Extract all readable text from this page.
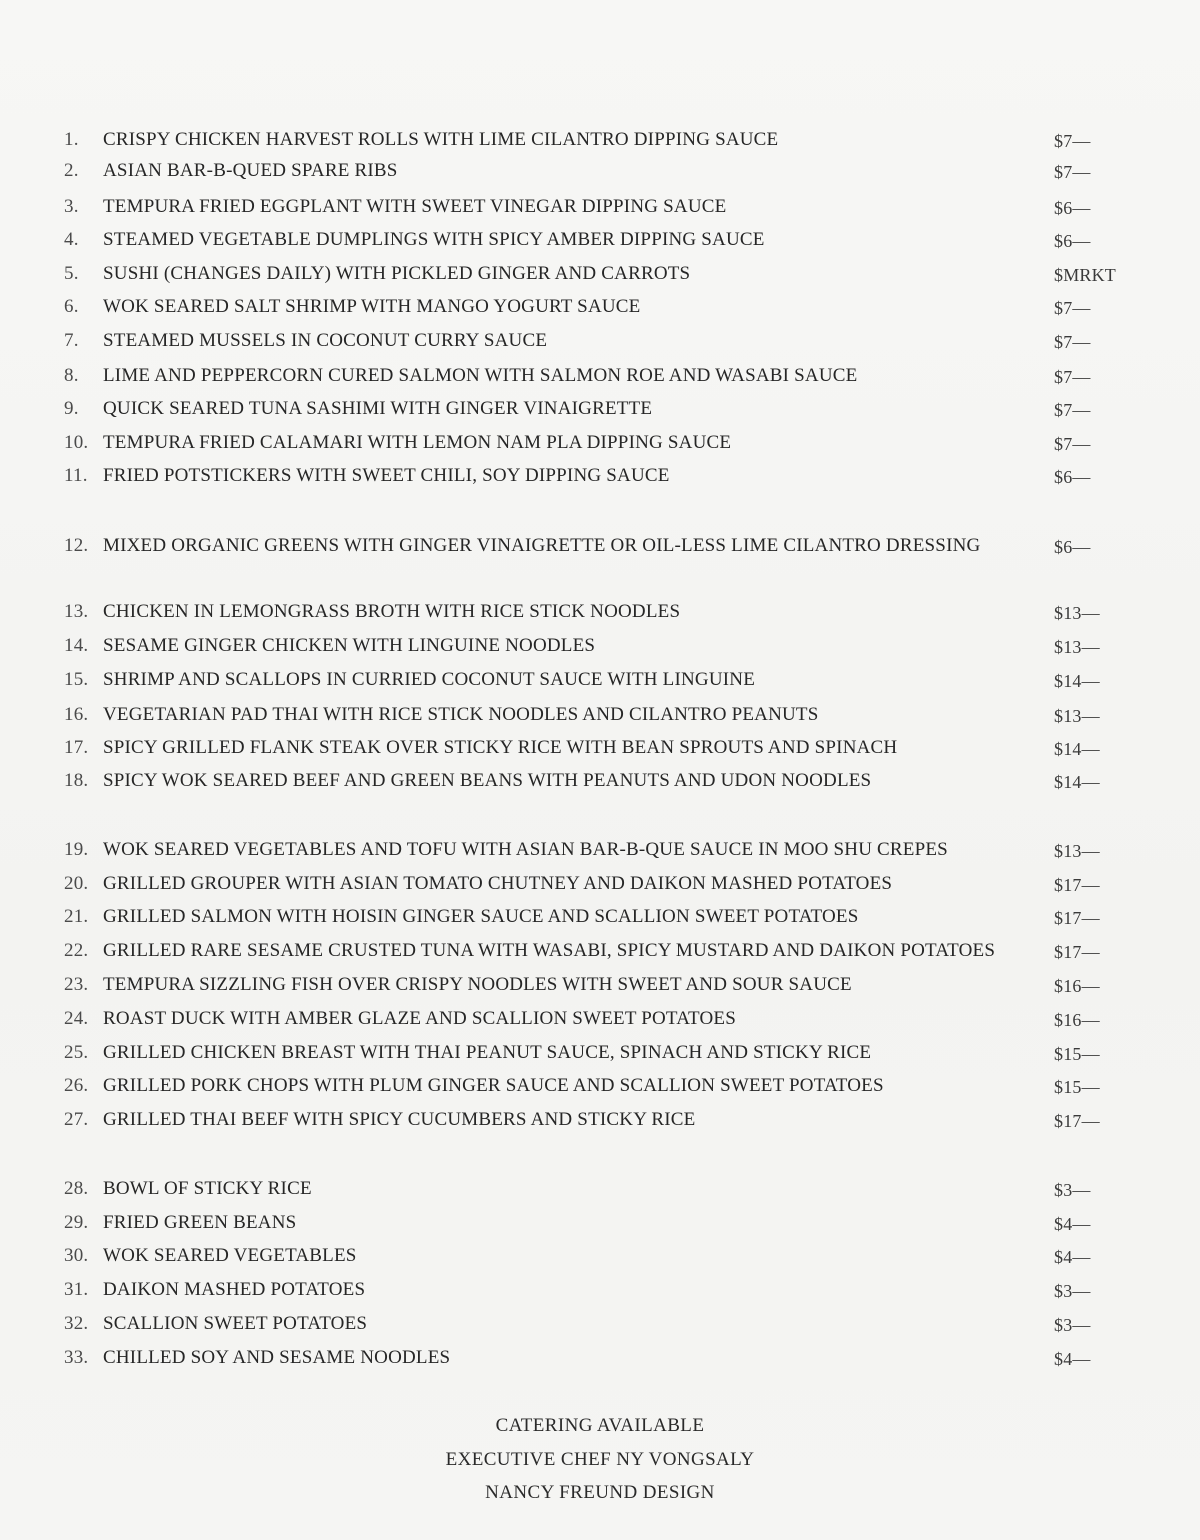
1.	CRISPY CHICKEN HARVEST ROLLS WITH LIME CILANTRO DIPPING SAUCE	$7—
2.	ASIAN BAR-B-QUED SPARE RIBS	$7—
3.	TEMPURA FRIED EGGPLANT WITH SWEET VINEGAR DIPPING SAUCE	$6—
4.	STEAMED VEGETABLE DUMPLINGS WITH SPICY AMBER DIPPING SAUCE	$6—
5.	SUSHI (CHANGES DAILY) WITH PICKLED GINGER AND CARROTS	$MRKT
6.	WOK SEARED SALT SHRIMP WITH MANGO YOGURT SAUCE	$7—
7.	STEAMED MUSSELS IN COCONUT CURRY SAUCE	$7—
8.	LIME AND PEPPERCORN CURED SALMON WITH SALMON ROE AND WASABI SAUCE	$7—
9.	QUICK SEARED TUNA SASHIMI WITH GINGER VINAIGRETTE	$7—
10. TEMPURA FRIED CALAMARI WITH LEMON NAM PLA DIPPING SAUCE	$7—
11. FRIED POTSTICKERS WITH SWEET CHILI, SOY DIPPING SAUCE	$6—
12. MIXED ORGANIC GREENS WITH GINGER VINAIGRETTE OR OIL-LESS LIME CILANTRO DRESSING	$6—
13. CHICKEN IN LEMONGRASS BROTH WITH RICE STICK NOODLES	$13—
14. SESAME GINGER CHICKEN WITH LINGUINE NOODLES	$13—
15. SHRIMP AND SCALLOPS IN CURRIED COCONUT SAUCE WITH LINGUINE	$14—
16. VEGETARIAN PAD THAI WITH RICE STICK NOODLES AND CILANTRO PEANUTS	$13—
17. SPICY GRILLED FLANK STEAK OVER STICKY RICE WITH BEAN SPROUTS AND SPINACH	$14—
18. SPICY WOK SEARED BEEF AND GREEN BEANS WITH PEANUTS AND UDON NOODLES	$14—
19. WOK SEARED VEGETABLES AND TOFU WITH ASIAN BAR-B-QUE SAUCE IN MOO SHU CREPES	$13—
20. GRILLED GROUPER WITH ASIAN TOMATO CHUTNEY AND DAIKON MASHED POTATOES	$17—
21. GRILLED SALMON WITH HOISIN GINGER SAUCE AND SCALLION SWEET POTATOES	$17—
22. GRILLED RARE SESAME CRUSTED TUNA WITH WASABI, SPICY MUSTARD AND DAIKON POTATOES	$17—
23. TEMPURA SIZZLING FISH OVER CRISPY NOODLES WITH SWEET AND SOUR SAUCE	$16—
24. ROAST DUCK WITH AMBER GLAZE AND SCALLION SWEET POTATOES	$16—
25. GRILLED CHICKEN BREAST WITH THAI PEANUT SAUCE, SPINACH AND STICKY RICE	$15—
26. GRILLED PORK CHOPS WITH PLUM GINGER SAUCE AND SCALLION SWEET POTATOES	$15—
27. GRILLED THAI BEEF WITH SPICY CUCUMBERS AND STICKY RICE	$17—
28. BOWL OF STICKY RICE	$3—
29. FRIED GREEN BEANS	$4—
30. WOK SEARED VEGETABLES	$4—
31. DAIKON MASHED POTATOES	$3—
32. SCALLION SWEET POTATOES	$3—
33. CHILLED SOY AND SESAME NOODLES	$4—
CATERING AVAILABLE
EXECUTIVE CHEF NY VONGSALY
NANCY FREUND DESIGN
